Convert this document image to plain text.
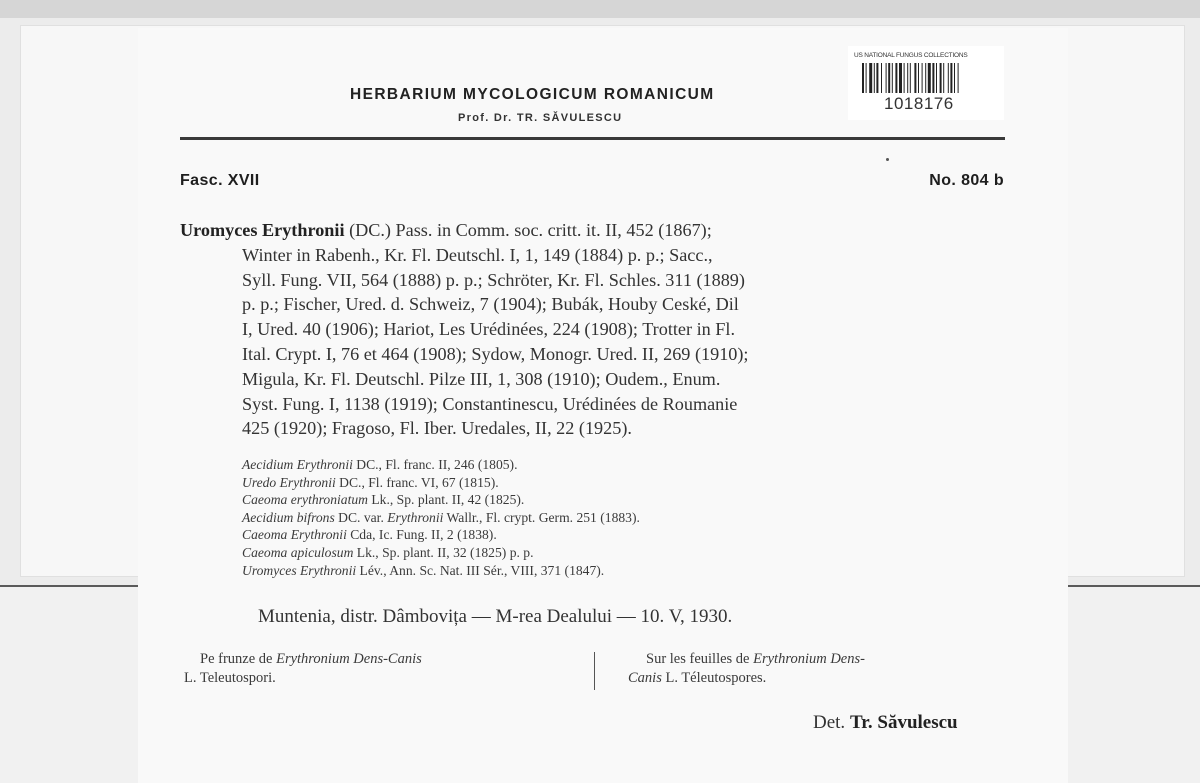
HERBARIUM MYCOLOGICUM ROMANICUM
Prof. Dr. TR. SĂVULESCU
US NATIONAL FUNGUS COLLECTIONS
1018176
Fasc. XVII	No. 804 b
Uromyces Erythronii (DC.) Pass. in Comm. soc. critt. it. II, 452 (1867);
Winter in Rabenh., Kr. Fl. Deutschl. I, 1, 149 (1884) p. p.; Sacc.,
Syll. Fung. VII, 564 (1888) p. p.; Schröter, Kr. Fl. Schles. 311 (1889)
p. p.; Fischer, Ured. d. Schweiz, 7 (1904); Bubák, Houby Ceské, Dil
I, Ured. 40 (1906); Hariot, Les Urédinées, 224 (1908); Trotter in Fl.
Ital. Crypt. I, 76 et 464 (1908); Sydow, Monogr. Ured. II, 269 (1910);
Migula, Kr. Fl. Deutschl. Pilze III, 1, 308 (1910); Oudem., Enum.
Syst. Fung. I, 1138 (1919); Constantinescu, Urédinées de Roumanie
425 (1920); Fragoso, Fl. Iber. Uredales, II, 22 (1925).
Aecidium Erythronii DC., Fl. franc. II, 246 (1805).
Uredo Erythronii DC., Fl. franc. VI, 67 (1815).
Caeoma erythroniatum Lk., Sp. plant. II, 42 (1825).
Aecidium bifrons DC. var. Erythronii Wallr., Fl. crypt. Germ. 251 (1883).
Caeoma Erythronii Cda, Ic. Fung. II, 2 (1838).
Caeoma apiculosum Lk., Sp. plant. II, 32 (1825) p. p.
Uromyces Erythronii Lév., Ann. Sc. Nat. III Sér., VIII, 371 (1847).
Muntenia, distr. Dâmbovița — M-rea Dealului — 10. V, 1930.
Pe frunze de Erythronium Dens-Canis
L. Teleutospori.
Sur les feuilles de Erythronium Dens-
Canis L. Téleutospores.
Det. Tr. Săvulescu
